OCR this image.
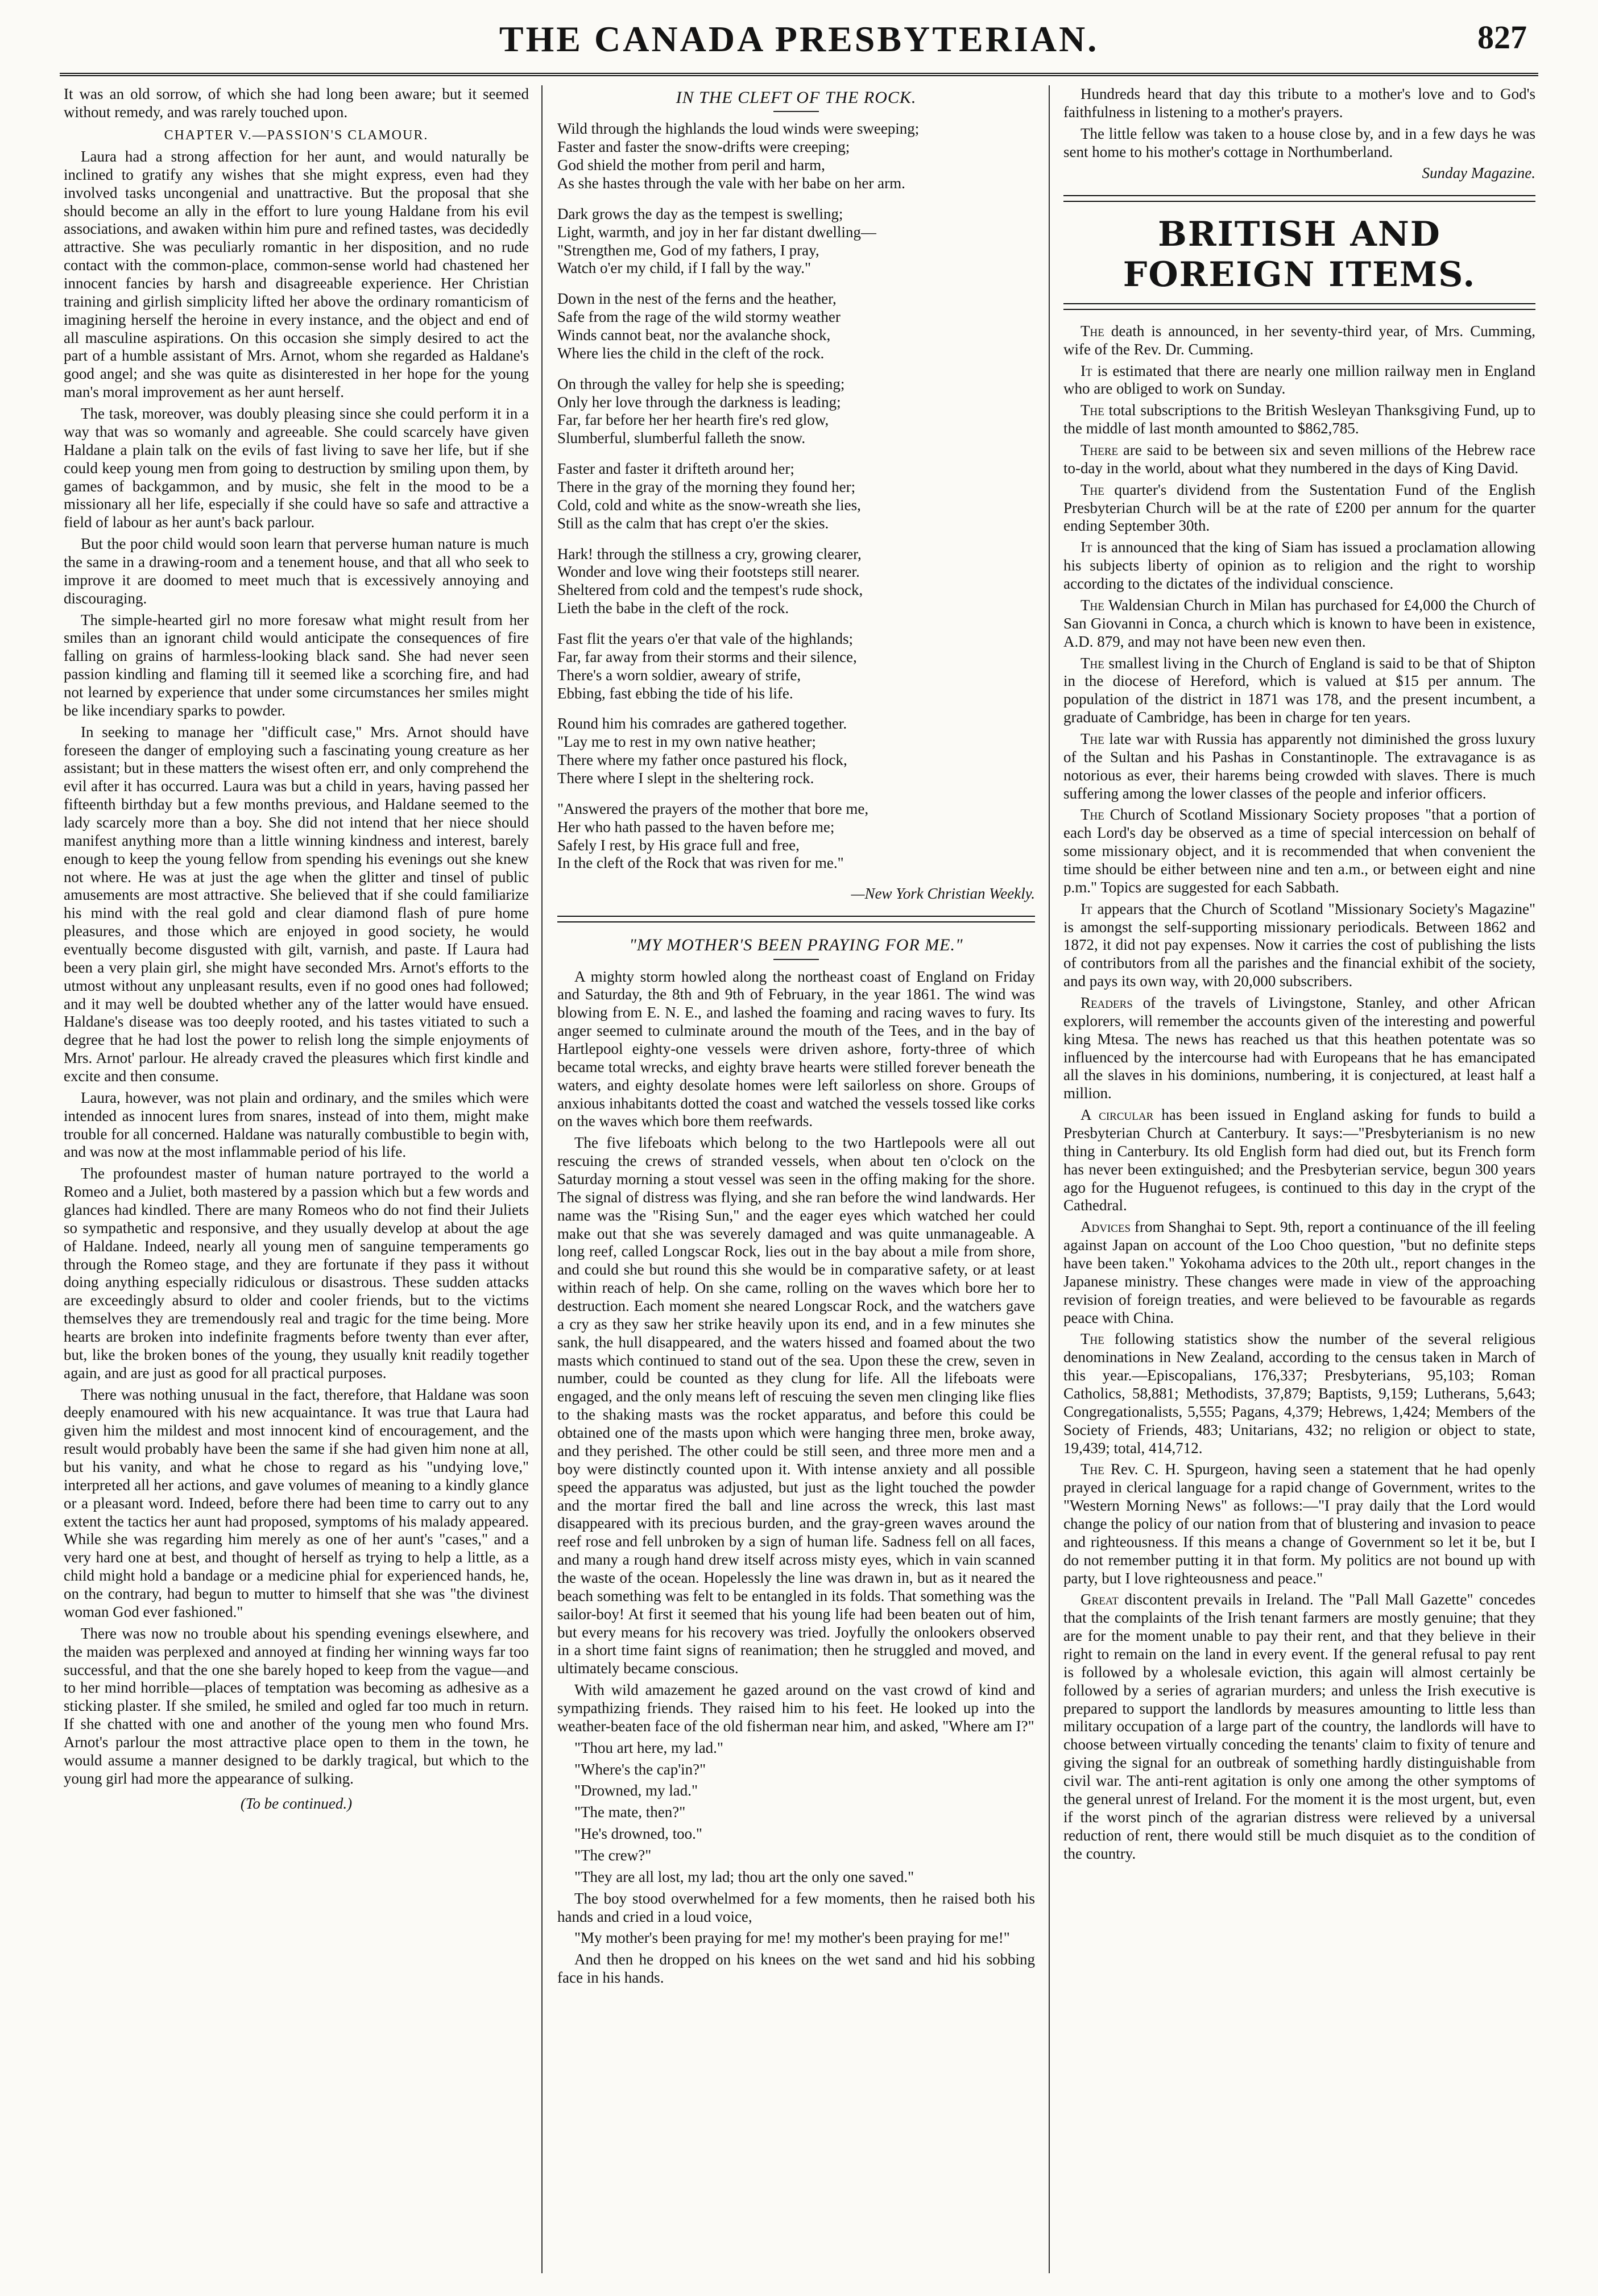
THE CANADA PRESBYTERIAN.	827

It was an old sorrow, of which she had long been aware; but it seemed without remedy, and was rarely touched upon.

CHAPTER V.—PASSION'S CLAMOUR.

Laura had a strong affection for her aunt, and would naturally be inclined to gratify any wishes that she might express, even had they involved tasks uncongenial and unattractive. But the proposal that she should become an ally in the effort to lure young Haldane from his evil associations, and awaken within him pure and refined tastes, was decidedly attractive. She was peculiarly romantic in her disposition, and no rude contact with the common-place, common-sense world had chastened her innocent fancies by harsh and disagreeable experience. Her Christian training and girlish simplicity lifted her above the ordinary romanticism of imagining herself the heroine in every instance, and the object and end of all masculine aspirations. On this occasion she simply desired to act the part of a humble assistant of Mrs. Arnot, whom she regarded as Haldane's good angel; and she was quite as disinterested in her hope for the young man's moral improvement as her aunt herself.

The task, moreover, was doubly pleasing since she could perform it in a way that was so womanly and agreeable. She could scarcely have given Haldane a plain talk on the evils of fast living to save her life, but if she could keep young men from going to destruction by smiling upon them, by games of backgammon, and by music, she felt in the mood to be a missionary all her life, especially if she could have so safe and attractive a field of labour as her aunt's back parlour.

But the poor child would soon learn that perverse human nature is much the same in a drawing-room and a tenement house, and that all who seek to improve it are doomed to meet much that is excessively annoying and discouraging.

The simple-hearted girl no more foresaw what might result from her smiles than an ignorant child would anticipate the consequences of fire falling on grains of harmless-looking black sand. She had never seen passion kindling and flaming till it seemed like a scorching fire, and had not learned by experience that under some circumstances her smiles might be like incendiary sparks to powder.

In seeking to manage her "difficult case," Mrs. Arnot should have foreseen the danger of employing such a fascinating young creature as her assistant; but in these matters the wisest often err, and only comprehend the evil after it has occurred. Laura was but a child in years, having passed her fifteenth birthday but a few months previous, and Haldane seemed to the lady scarcely more than a boy. She did not intend that her niece should manifest anything more than a little winning kindness and interest, barely enough to keep the young fellow from spending his evenings out she knew not where. He was at just the age when the glitter and tinsel of public amusements are most attractive. She believed that if she could familiarize his mind with the real gold and clear diamond flash of pure home pleasures, and those which are enjoyed in good society, he would eventually become disgusted with gilt, varnish, and paste. If Laura had been a very plain girl, she might have seconded Mrs. Arnot's efforts to the utmost without any unpleasant results, even if no good ones had followed; and it may well be doubted whether any of the latter would have ensued. Haldane's disease was too deeply rooted, and his tastes vitiated to such a degree that he had lost the power to relish long the simple enjoyments of Mrs. Arnot' parlour. He already craved the pleasures which first kindle and excite and then consume.

Laura, however, was not plain and ordinary, and the smiles which were intended as innocent lures from snares, instead of into them, might make trouble for all concerned. Haldane was naturally combustible to begin with, and was now at the most inflammable period of his life.

The profoundest master of human nature portrayed to the world a Romeo and a Juliet, both mastered by a passion which but a few words and glances had kindled. There are many Romeos who do not find their Juliets so sympathetic and responsive, and they usually develop at about the age of Haldane. Indeed, nearly all young men of sanguine temperaments go through the Romeo stage, and they are fortunate if they pass it without doing anything especially ridiculous or disastrous. These sudden attacks are exceedingly absurd to older and cooler friends, but to the victims themselves they are tremendously real and tragic for the time being. More hearts are broken into indefinite fragments before twenty than ever after, but, like the broken bones of the young, they usually knit readily together again, and are just as good for all practical purposes.

There was nothing unusual in the fact, therefore, that Haldane was soon deeply enamoured with his new acquaintance. It was true that Laura had given him the mildest and most innocent kind of encouragement, and the result would probably have been the same if she had given him none at all, but his vanity, and what he chose to regard as his "undying love," interpreted all her actions, and gave volumes of meaning to a kindly glance or a pleasant word. Indeed, before there had been time to carry out to any extent the tactics her aunt had proposed, symptoms of his malady appeared. While she was regarding him merely as one of her aunt's "cases," and a very hard one at best, and thought of herself as trying to help a little, as a child might hold a bandage or a medicine phial for experienced hands, he, on the contrary, had begun to mutter to himself that she was "the divinest woman God ever fashioned."

There was now no trouble about his spending evenings elsewhere, and the maiden was perplexed and annoyed at finding her winning ways far too successful, and that the one she barely hoped to keep from the vague—and to her mind horrible—places of temptation was becoming as adhesive as a sticking plaster. If she smiled, he smiled and ogled far too much in return. If she chatted with one and another of the young men who found Mrs. Arnot's parlour the most attractive place open to them in the town, he would assume a manner designed to be darkly tragical, but which to the young girl had more the appearance of sulking.

(To be continued.)
IN THE CLEFT OF THE ROCK.
Wild through the highlands the loud winds were sweeping;
Faster and faster the snow-drifts were creeping;
God shield the mother from peril and harm,
As she hastes through the vale with her babe on her arm.
Dark grows the day as the tempest is swelling;
Light, warmth, and joy in her far distant dwelling—
"Strengthen me, God of my fathers, I pray,
Watch o'er my child, if I fall by the way."
Down in the nest of the ferns and the heather,
Safe from the rage of the wild stormy weather
Winds cannot beat, nor the avalanche shock,
Where lies the child in the cleft of the rock.
On through the valley for help she is speeding;
Only her love through the darkness is leading;
Far, far before her her hearth fire's red glow,
Slumberful, slumberful falleth the snow.
Faster and faster it drifteth around her;
There in the gray of the morning they found her;
Cold, cold and white as the snow-wreath she lies,
Still as the calm that has crept o'er the skies.
Hark! through the stillness a cry, growing clearer,
Wonder and love wing their footsteps still nearer.
Sheltered from cold and the tempest's rude shock,
Lieth the babe in the cleft of the rock.
Fast flit the years o'er that vale of the highlands;
Far, far away from their storms and their silence,
There's a worn soldier, aweary of strife,
Ebbing, fast ebbing the tide of his life.
Round him his comrades are gathered together.
"Lay me to rest in my own native heather;
There where my father once pastured his flock,
There where I slept in the sheltering rock.
"Answered the prayers of the mother that bore me,
Her who hath passed to the haven before me;
Safely I rest, by His grace full and free,
In the cleft of the Rock that was riven for me."
—New York Christian Weekly.
"MY MOTHER'S BEEN PRAYING FOR ME."

A mighty storm howled along the northeast coast of England on Friday and Saturday, the 8th and 9th of February, in the year 1861. The wind was blowing from E. N. E., and lashed the foaming and racing waves to fury. Its anger seemed to culminate around the mouth of the Tees, and in the bay of Hartlepool eighty-one vessels were driven ashore, forty-three of which became total wrecks, and eighty brave hearts were stilled forever beneath the waters, and eighty desolate homes were left sailorless on shore. Groups of anxious inhabitants dotted the coast and watched the vessels tossed like corks on the waves which bore them reefwards.

The five lifeboats which belong to the two Hartlepools were all out rescuing the crews of stranded vessels, when about ten o'clock on the Saturday morning a stout vessel was seen in the offing making for the shore. The signal of distress was flying, and she ran before the wind landwards. Her name was the "Rising Sun," and the eager eyes which watched her could make out that she was severely damaged and was quite unmanageable. A long reef, called Longscar Rock, lies out in the bay about a mile from shore, and could she but round this she would be in comparative safety, or at least within reach of help. On she came, rolling on the waves which bore her to destruction. Each moment she neared Longscar Rock, and the watchers gave a cry as they saw her strike heavily upon its end, and in a few minutes she sank, the hull disappeared, and the waters hissed and foamed about the two masts which continued to stand out of the sea. Upon these the crew, seven in number, could be counted as they clung for life. All the lifeboats were engaged, and the only means left of rescuing the seven men clinging like flies to the shaking masts was the rocket apparatus, and before this could be obtained one of the masts upon which were hanging three men, broke away, and they perished. The other could be still seen, and three more men and a boy were distinctly counted upon it. With intense anxiety and all possible speed the apparatus was adjusted, but just as the light touched the powder and the mortar fired the ball and line across the wreck, this last mast disappeared with its precious burden, and the gray-green waves around the reef rose and fell unbroken by a sign of human life. Sadness fell on all faces, and many a rough hand drew itself across misty eyes, which in vain scanned the waste of the ocean. Hopelessly the line was drawn in, but as it neared the beach something was felt to be entangled in its folds. That something was the sailor-boy! At first it seemed that his young life had been beaten out of him, but every means for his recovery was tried. Joyfully the onlookers observed in a short time faint signs of reanimation; then he struggled and moved, and ultimately became conscious.

With wild amazement he gazed around on the vast crowd of kind and sympathizing friends. They raised him to his feet. He looked up into the weather-beaten face of the old fisherman near him, and asked, "Where am I?"

"Thou art here, my lad."

"Where's the cap'in?"

"Drowned, my lad."

"The mate, then?"

"He's drowned, too."

"The crew?"

"They are all lost, my lad; thou art the only one saved."

The boy stood overwhelmed for a few moments, then he raised both his hands and cried in a loud voice,

"My mother's been praying for me! my mother's been praying for me!"

And then he dropped on his knees on the wet sand and hid his sobbing face in his hands.

Hundreds heard that day this tribute to a mother's love and to God's faithfulness in listening to a mother's prayers.

The little fellow was taken to a house close by, and in a few days he was sent home to his mother's cottage in Northumberland.

Sunday Magazine.

BRITISH AND FOREIGN ITEMS.

The death is announced, in her seventy-third year, of Mrs. Cumming, wife of the Rev. Dr. Cumming.

It is estimated that there are nearly one million railway men in England who are obliged to work on Sunday.

The total subscriptions to the British Wesleyan Thanksgiving Fund, up to the middle of last month amounted to $862,785.

There are said to be between six and seven millions of the Hebrew race to-day in the world, about what they numbered in the days of King David.

The quarter's dividend from the Sustentation Fund of the English Presbyterian Church will be at the rate of £200 per annum for the quarter ending September 30th.

It is announced that the king of Siam has issued a proclamation allowing his subjects liberty of opinion as to religion and the right to worship according to the dictates of the individual conscience.

The Waldensian Church in Milan has purchased for £4,000 the Church of San Giovanni in Conca, a church which is known to have been in existence, A.D. 879, and may not have been new even then.

The smallest living in the Church of England is said to be that of Shipton in the diocese of Hereford, which is valued at $15 per annum. The population of the district in 1871 was 178, and the present incumbent, a graduate of Cambridge, has been in charge for ten years.

The late war with Russia has apparently not diminished the gross luxury of the Sultan and his Pashas in Constantinople. The extravagance is as notorious as ever, their harems being crowded with slaves. There is much suffering among the lower classes of the people and inferior officers.

The Church of Scotland Missionary Society proposes "that a portion of each Lord's day be observed as a time of special intercession on behalf of some missionary object, and it is recommended that when convenient the time should be either between nine and ten a.m., or between eight and nine p.m." Topics are suggested for each Sabbath.

It appears that the Church of Scotland "Missionary Society's Magazine" is amongst the self-supporting missionary periodicals. Between 1862 and 1872, it did not pay expenses. Now it carries the cost of publishing the lists of contributors from all the parishes and the financial exhibit of the society, and pays its own way, with 20,000 subscribers.

Readers of the travels of Livingstone, Stanley, and other African explorers, will remember the accounts given of the interesting and powerful king Mtesa. The news has reached us that this heathen potentate was so influenced by the intercourse had with Europeans that he has emancipated all the slaves in his dominions, numbering, it is conjectured, at least half a million.

A circular has been issued in England asking for funds to build a Presbyterian Church at Canterbury. It says:—"Presbyterianism is no new thing in Canterbury. Its old English form had died out, but its French form has never been extinguished; and the Presbyterian service, begun 300 years ago for the Huguenot refugees, is continued to this day in the crypt of the Cathedral.

Advices from Shanghai to Sept. 9th, report a continuance of the ill feeling against Japan on account of the Loo Choo question, "but no definite steps have been taken." Yokohama advices to the 20th ult., report changes in the Japanese ministry. These changes were made in view of the approaching revision of foreign treaties, and were believed to be favourable as regards peace with China.

The following statistics show the number of the several religious denominations in New Zealand, according to the census taken in March of this year.—Episcopalians, 176,337; Presbyterians, 95,103; Roman Catholics, 58,881; Methodists, 37,879; Baptists, 9,159; Lutherans, 5,643; Congregationalists, 5,555; Pagans, 4,379; Hebrews, 1,424; Members of the Society of Friends, 483; Unitarians, 432; no religion or object to state, 19,439; total, 414,712.

The Rev. C. H. Spurgeon, having seen a statement that he had openly prayed in clerical language for a rapid change of Government, writes to the "Western Morning News" as follows:—"I pray daily that the Lord would change the policy of our nation from that of blustering and invasion to peace and righteousness. If this means a change of Government so let it be, but I do not remember putting it in that form. My politics are not bound up with party, but I love righteousness and peace."

Great discontent prevails in Ireland. The "Pall Mall Gazette" concedes that the complaints of the Irish tenant farmers are mostly genuine; that they are for the moment unable to pay their rent, and that they believe in their right to remain on the land in every event. If the general refusal to pay rent is followed by a wholesale eviction, this again will almost certainly be followed by a series of agrarian murders; and unless the Irish executive is prepared to support the landlords by measures amounting to little less than military occupation of a large part of the country, the landlords will have to choose between virtually conceding the tenants' claim to fixity of tenure and giving the signal for an outbreak of something hardly distinguishable from civil war. The anti-rent agitation is only one among the other symptoms of the general unrest of Ireland. For the moment it is the most urgent, but, even if the worst pinch of the agrarian distress were relieved by a universal reduction of rent, there would still be much disquiet as to the condition of the country.
